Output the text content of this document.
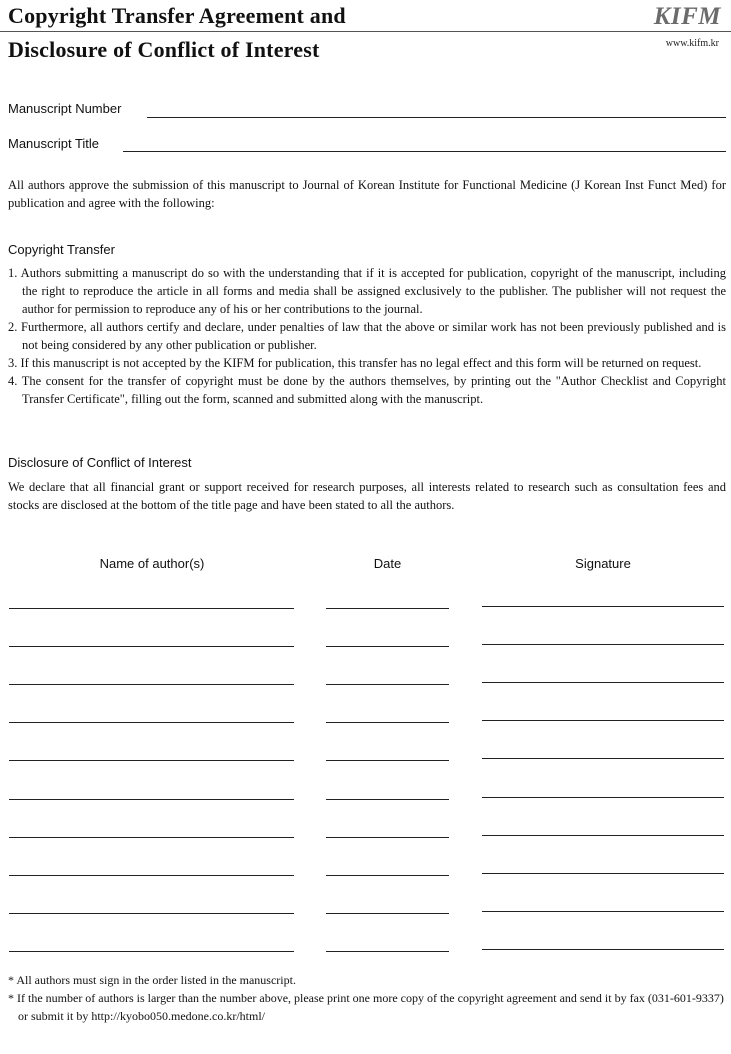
Copyright Transfer Agreement and
Disclosure of Conflict of Interest
KIFM
www.kifm.kr
Manuscript Number
Manuscript Title
All authors approve the submission of this manuscript to Journal of Korean Institute for Functional Medicine (J Korean Inst Funct Med) for publication and agree with the following:
Copyright Transfer
1. Authors submitting a manuscript do so with the understanding that if it is accepted for publication, copyright of the manuscript, including the right to reproduce the article in all forms and media shall be assigned exclusively to the publisher. The publisher will not request the author for permission to reproduce any of his or her contributions to the journal.
2. Furthermore, all authors certify and declare, under penalties of law that the above or similar work has not been previously published and is not being considered by any other publication or publisher.
3. If this manuscript is not accepted by the KIFM for publication, this transfer has no legal effect and this form will be returned on request.
4. The consent for the transfer of copyright must be done by the authors themselves, by printing out the "Author Checklist and Copyright Transfer Certificate", filling out the form, scanned and submitted along with the manuscript.
Disclosure of Conflict of Interest
We declare that all financial grant or support received for research purposes, all interests related to research such as consultation fees and stocks are disclosed at the bottom of the title page and have been stated to all the authors.
Name of author(s)	Date	Signature
* All authors must sign in the order listed in the manuscript.
* If the number of authors is larger than the number above, please print one more copy of the copyright agreement and send it by fax (031-601-9337) or submit it by http://kyobo050.medone.co.kr/html/
